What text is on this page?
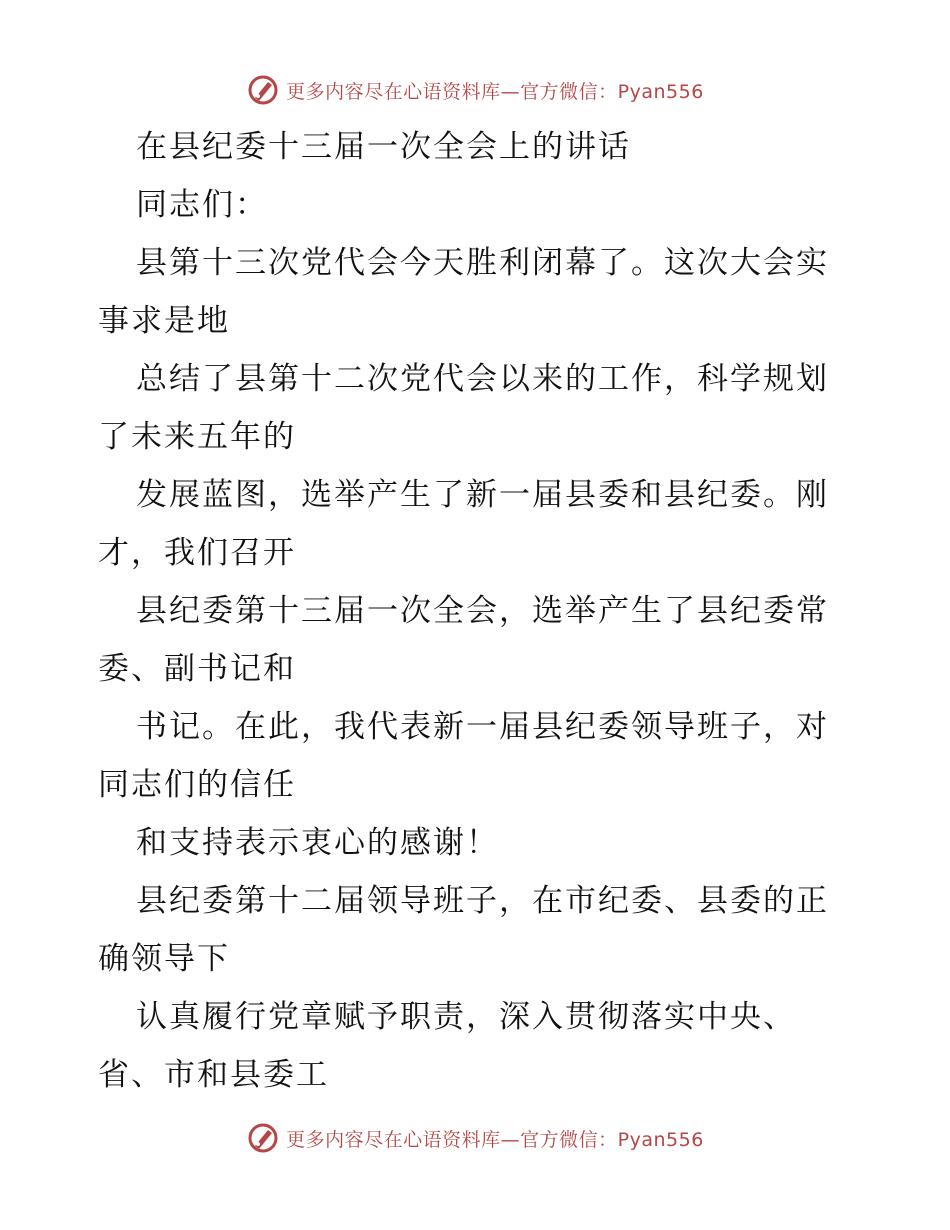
更多内容尽在心语资料库—官方微信：Pyan556
在县纪委十三届一次全会上的讲话
同志们：
县第十三次党代会今天胜利闭幕了。这次大会实
事求是地
总结了县第十二次党代会以来的工作，科学规划
了未来五年的
发展蓝图，选举产生了新一届县委和县纪委。刚
才，我们召开
县纪委第十三届一次全会，选举产生了县纪委常
委、副书记和
书记。在此，我代表新一届县纪委领导班子，对
同志们的信任
和支持表示衷心的感谢！
县纪委第十二届领导班子，在市纪委、县委的正
确领导下
认真履行党章赋予职责，深入贯彻落实中央、
省、市和县委工
更多内容尽在心语资料库—官方微信：Pyan556
